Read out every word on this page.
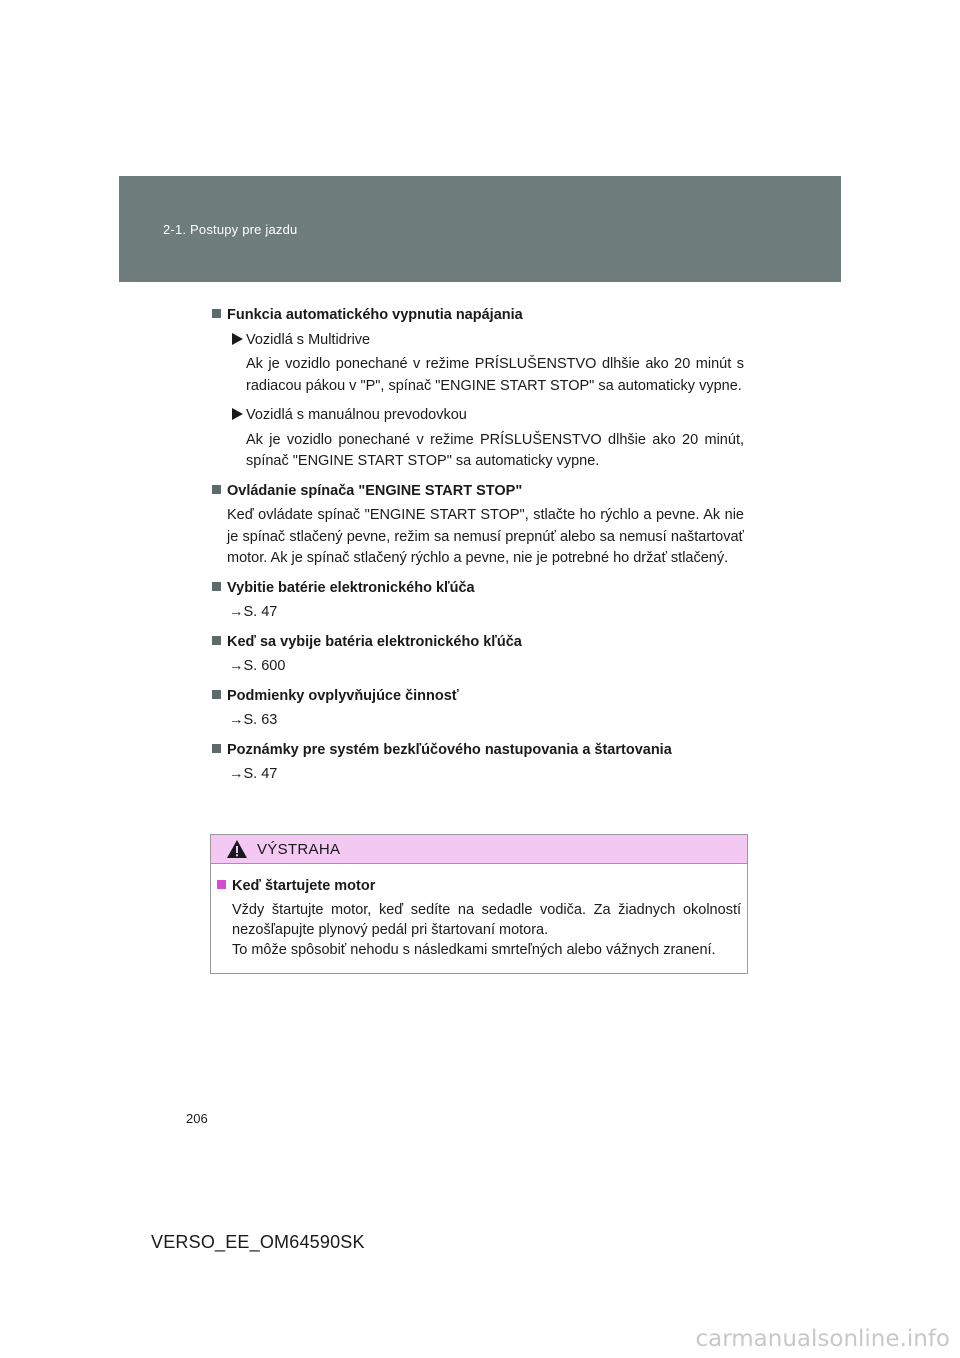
2-1. Postupy pre jazdu
Funkcia automatického vypnutia napájania
Vozidlá s Multidrive
Ak je vozidlo ponechané v režime PRÍSLUŠENSTVO dlhšie ako 20 minút s radiacou pákou v "P", spínač "ENGINE START STOP" sa automaticky vypne.
Vozidlá s manuálnou prevodovkou
Ak je vozidlo ponechané v režime PRÍSLUŠENSTVO dlhšie ako 20 minút, spínač "ENGINE START STOP" sa automaticky vypne.
Ovládanie spínača "ENGINE START STOP"
Keď ovládate spínač "ENGINE START STOP", stlačte ho rýchlo a pevne. Ak nie je spínač stlačený pevne, režim sa nemusí prepnúť alebo sa nemusí naštartovať motor. Ak je spínač stlačený rýchlo a pevne, nie je potrebné ho držať stlačený.
Vybitie batérie elektronického kľúča
→S. 47
Keď sa vybije batéria elektronického kľúča
→S. 600
Podmienky ovplyvňujúce činnosť
→S. 63
Poznámky pre systém bezkľúčového nastupovania a štartovania
→S. 47
VÝSTRAHA
Keď štartujete motor
Vždy štartujte motor, keď sedíte na sedadle vodiča. Za žiadnych okolností nezošľapujte plynový pedál pri štartovaní motora.
To môže spôsobiť nehodu s následkami smrteľných alebo vážnych zranení.
206
VERSO_EE_OM64590SK
carmanualsonline.info
